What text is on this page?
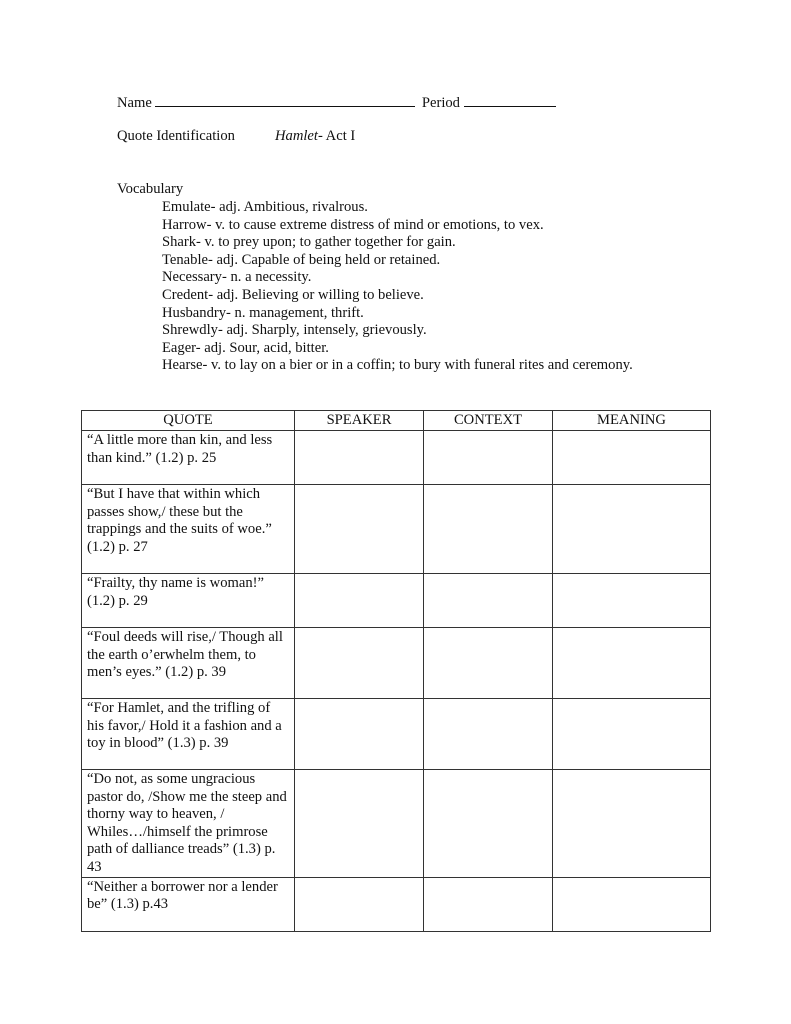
Name	Period
Quote Identification	Hamlet- Act I
Vocabulary
Emulate- adj. Ambitious, rivalrous.
Harrow- v. to cause extreme distress of mind or emotions, to vex.
Shark- v. to prey upon; to gather together for gain.
Tenable- adj. Capable of being held or retained.
Necessary- n. a necessity.
Credent- adj. Believing or willing to believe.
Husbandry- n. management, thrift.
Shrewdly- adj. Sharply, intensely, grievously.
Eager- adj. Sour, acid, bitter.
Hearse- v. to lay on a bier or in a coffin; to bury with funeral rites and ceremony.
QUOTE	SPEAKER	CONTEXT	MEANING
“A little more than kin, and less than kind.” (1.2) p. 25			
“But I have that within which passes show,/ these but the trappings and the suits of woe.” (1.2) p. 27			
“Frailty, thy name is woman!” (1.2) p. 29			
“Foul deeds will rise,/ Though all the earth o’erwhelm them, to men’s eyes.” (1.2) p. 39			
“For Hamlet, and the trifling of his favor,/ Hold it a fashion and a toy in blood” (1.3) p. 39			
“Do not, as some ungracious pastor do, /Show me the steep and thorny way to heaven, / Whiles…/himself the primrose path of dalliance treads” (1.3) p. 43			
“Neither a borrower nor a lender be” (1.3) p.43			
